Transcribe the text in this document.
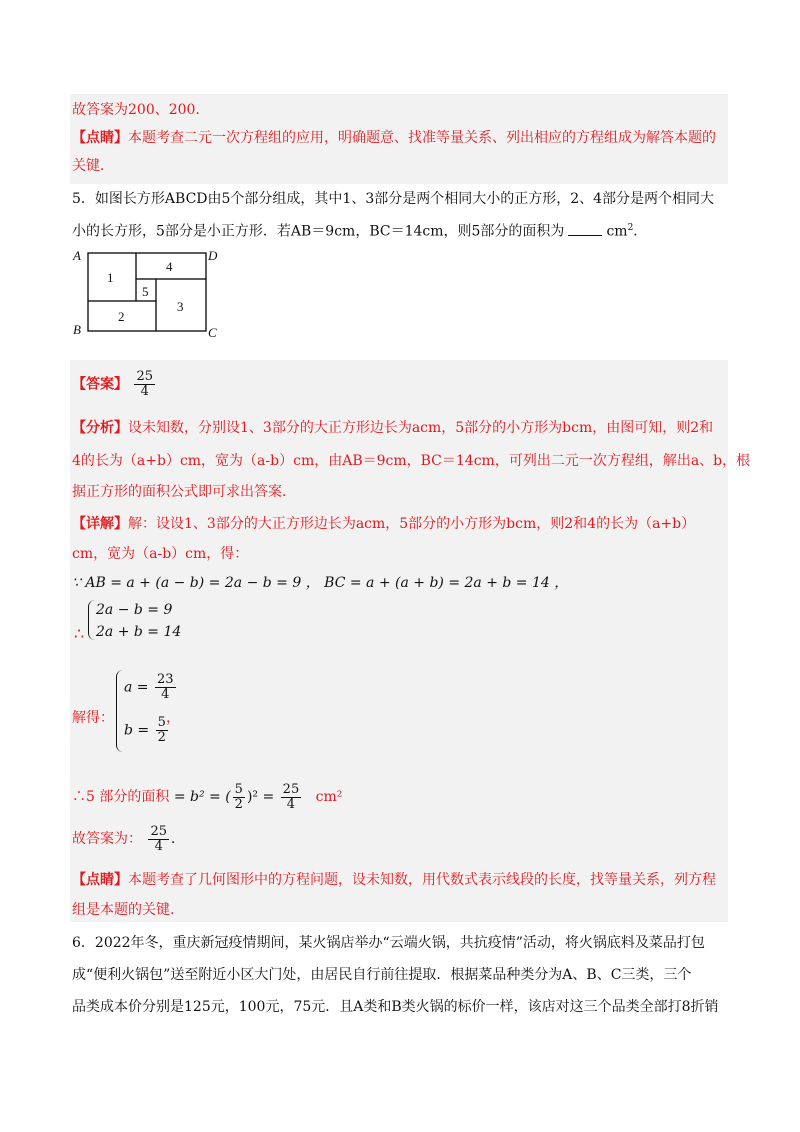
故答案为200、200．
【点睛】本题考查二元一次方程组的应用，明确题意、找准等量关系、列出相应的方程组成为解答本题的
关键．
5．如图长方形ABCD由5个部分组成，其中1、3部分是两个相同大小的正方形，2、4部分是两个相同大
小的长方形，5部分是小正方形．若AB＝9cm，BC＝14cm，则5部分的面积为	$cm^2$．
A
B	C
D
1
4
5
3
2
【答案】 $\frac{25}{4}$
【分析】设未知数，分别设1、3部分的大正方形边长为acm，5部分的小方形为bcm，由图可知，则2和
4的长为（a+b）cm，宽为（a-b）cm，由AB＝9cm，BC＝14cm，可列出二元一次方程组，解出a、b，根
据正方形的面积公式即可求出答案．
【详解】解：设设1、3部分的大正方形边长为acm，5部分的小方形为bcm，则2和4的长为（a+b）
cm，宽为（a-b）cm，得：
∵ AB = a + (a − b) = 2a − b = 9 ， BC = a + (a + b) = 2a + b = 14 ，
∴
2a − b = 9
2a + b = 14
解得：
$a = \frac{23}{4}$
$b = \frac{5}{2}$
，
∴5 部分的面积 = b² = ( $\frac{5}{2} )^2 = \frac{25}{4} cm^2$
故答案为： $\frac{25}{4}$ ．
【点睛】本题考查了几何图形中的方程问题，设未知数，用代数式表示线段的长度，找等量关系，列方程
组是本题的关键．
6．2022年冬，重庆新冠疫情期间，某火锅店举办“云端火锅，共抗疫情”活动，将火锅底料及菜品打包
成“便利火锅包”送至附近小区大门处，由居民自行前往提取．根据菜品种类分为A、B、C三类，三个
品类成本价分别是125元，100元，75元．且A类和B类火锅的标价一样，该店对这三个品类全部打8折销
